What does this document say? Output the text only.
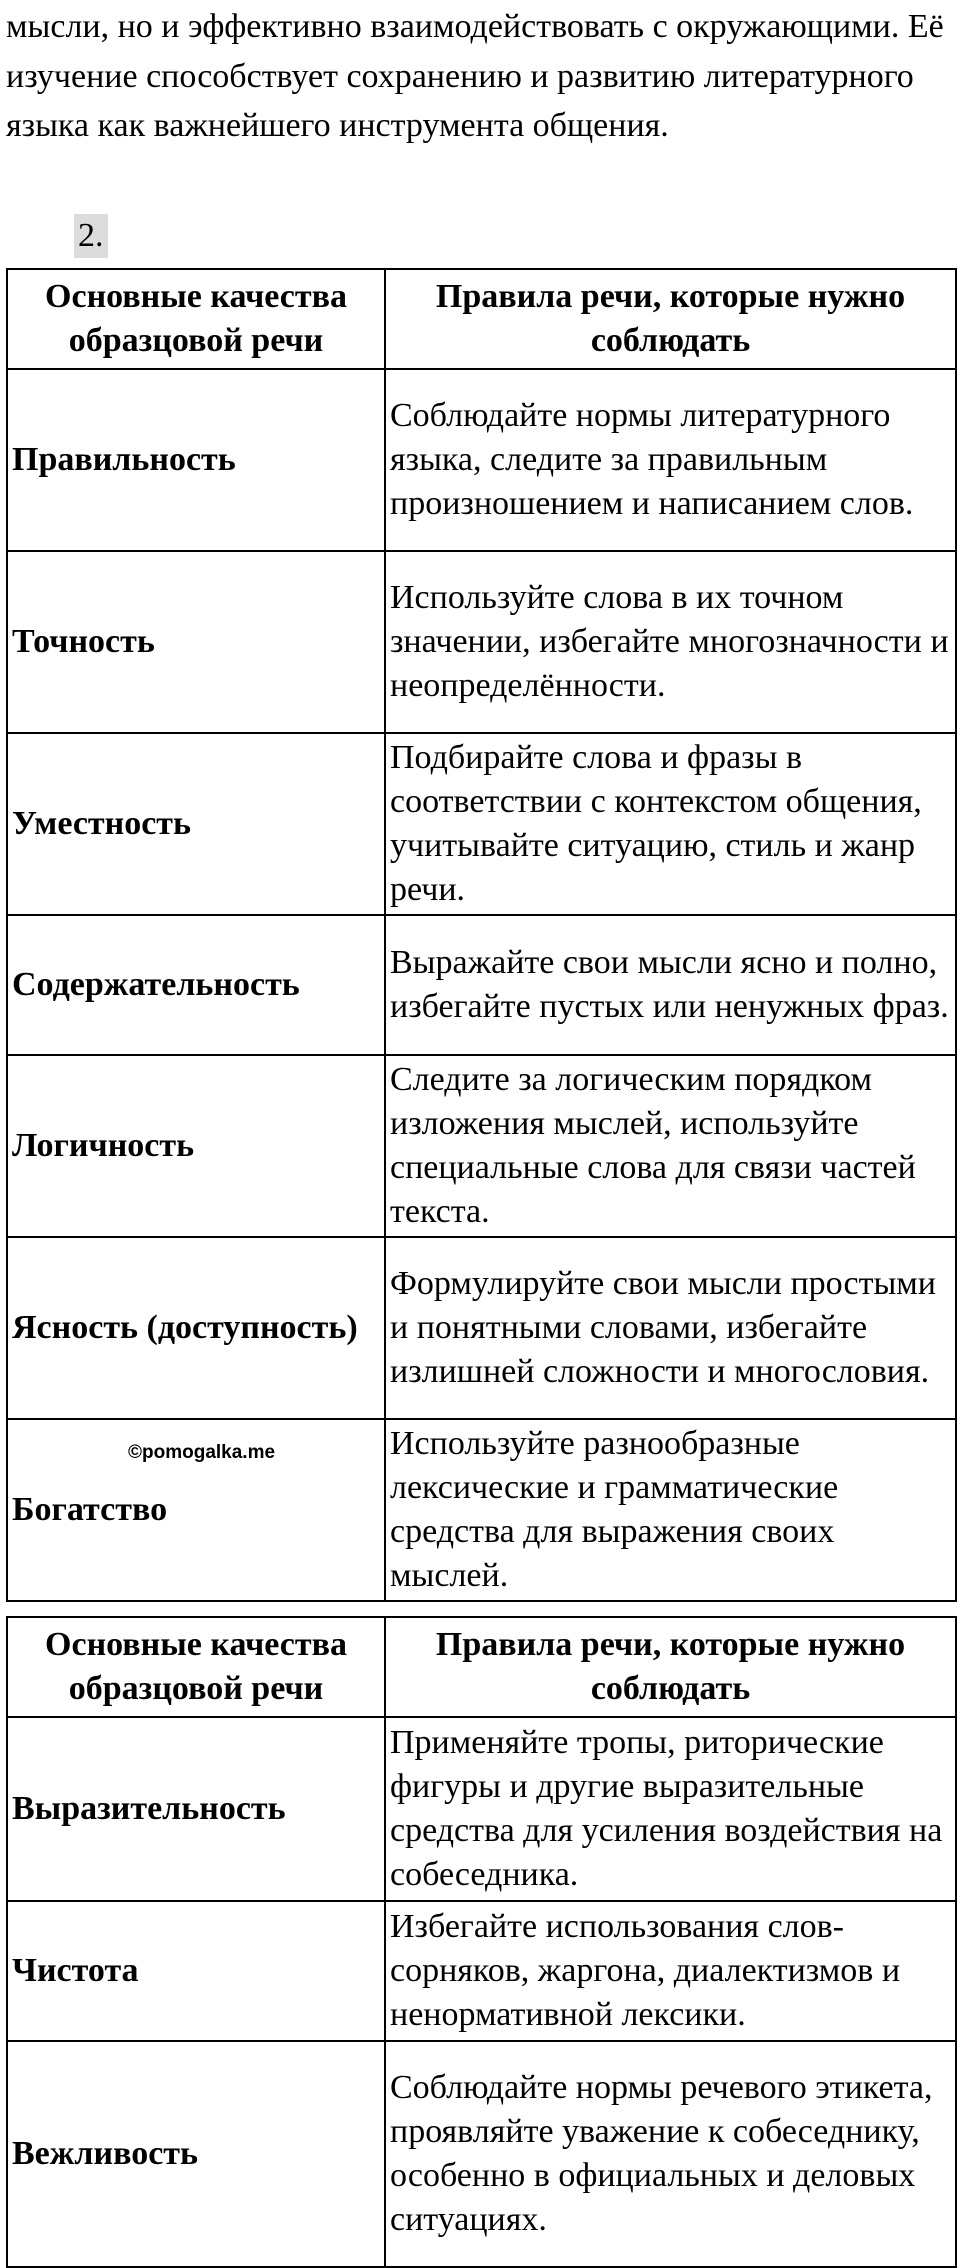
мысли, но и эффективно взаимодействовать с окружающими. Её изучение способствует сохранению и развитию литературного языка как важнейшего инструмента общения.

2.
Основные качества образцовой речи	Правила речи, которые нужно соблюдать

Правильность	Соблюдайте нормы литературного языка, следите за правильным произношением и написанием слов.

Точность	Используйте слова в их точном значении, избегайте многозначности и неопределённости.

Уместность	Подбирайте слова и фразы в соответствии с контекстом общения, учитывайте ситуацию, стиль и жанр речи.

Содержательность	Выражайте свои мысли ясно и полно, избегайте пустых или ненужных фраз.

Логичность	Следите за логическим порядком изложения мыслей, используйте специальные слова для связи частей текста.

Ясность (доступность)	Формулируйте свои мысли простыми и понятными словами, избегайте излишней сложности и многословия.

©pomogalka.me
Богатство	Используйте разнообразные лексические и грамматические средства для выражения своих мыслей.
Основные качества образцовой речи	Правила речи, которые нужно соблюдать

Выразительность	Применяйте тропы, риторические фигуры и другие выразительные средства для усиления воздействия на собеседника.

Чистота	Избегайте использования слов-сорняков, жаргона, диалектизмов и ненормативной лексики.

Вежливость	Соблюдайте нормы речевого этикета, проявляйте уважение к собеседнику, особенно в официальных и деловых ситуациях.
